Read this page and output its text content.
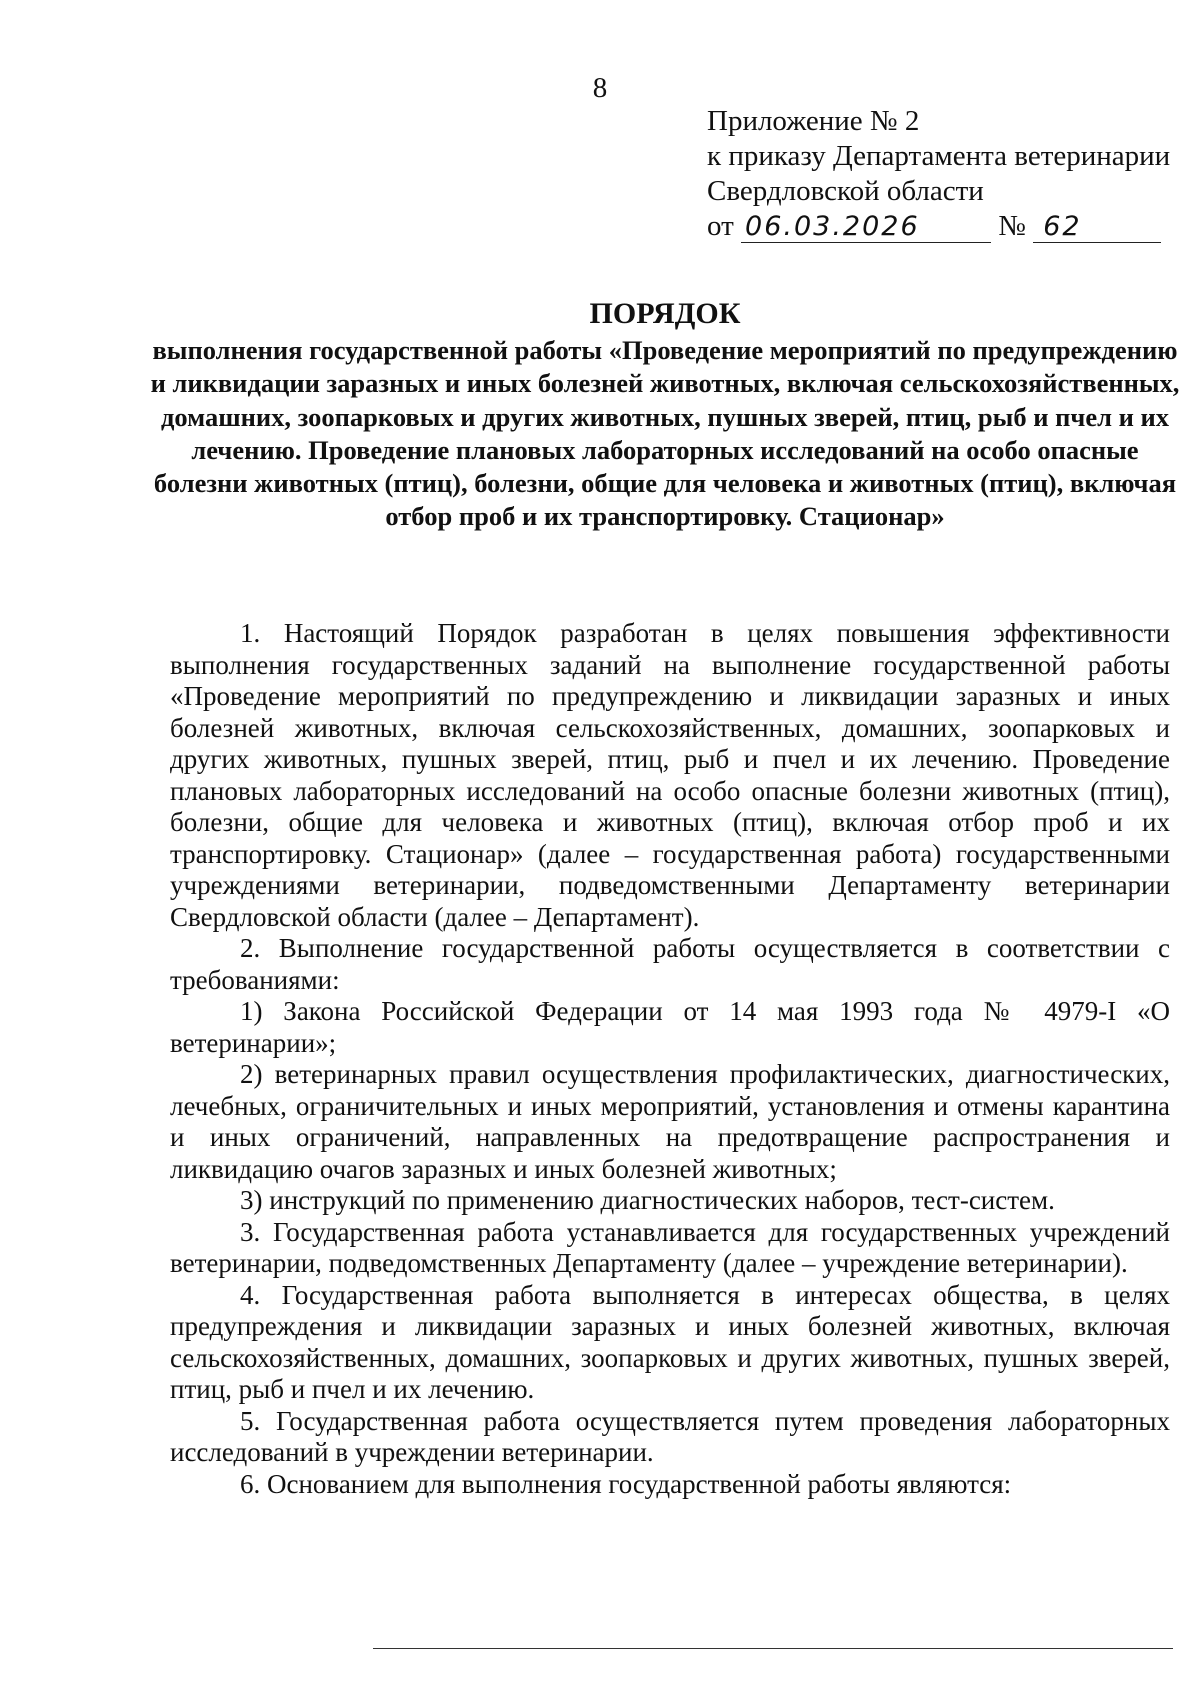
8
Приложение № 2
к приказу Департамента ветеринарии
Свердловской области
от 06.03.2026	№ 62
ПОРЯДОК
выполнения государственной работы «Проведение мероприятий по предупреждению и ликвидации заразных и иных болезней животных, включая сельскохозяйственных, домашних, зоопарковых и других животных, пушных зверей, птиц, рыб и пчел и их лечению. Проведение плановых лабораторных исследований на особо опасные болезни животных (птиц), болезни, общие для человека и животных (птиц), включая отбор проб и их транспортировку. Стационар»

1. Настоящий Порядок разработан в целях повышения эффективности выполнения государственных заданий на выполнение государственной работы «Проведение мероприятий по предупреждению и ликвидации заразных и иных болезней животных, включая сельскохозяйственных, домашних, зоопарковых и других животных, пушных зверей, птиц, рыб и пчел и их лечению. Проведение плановых лабораторных исследований на особо опасные болезни животных (птиц), болезни, общие для человека и животных (птиц), включая отбор проб и их транспортировку. Стационар» (далее – государственная работа) государственными учреждениями ветеринарии, подведомственными Департаменту ветеринарии Свердловской области (далее – Департамент).

2. Выполнение государственной работы осуществляется в соответствии с требованиями:

1) Закона Российской Федерации от 14 мая 1993 года № 4979-I «О ветеринарии»;

2) ветеринарных правил осуществления профилактических, диагностических, лечебных, ограничительных и иных мероприятий, установления и отмены карантина и иных ограничений, направленных на предотвращение распространения и ликвидацию очагов заразных и иных болезней животных;

3) инструкций по применению диагностических наборов, тест-систем.

3. Государственная работа устанавливается для государственных учреждений ветеринарии, подведомственных Департаменту (далее – учреждение ветеринарии).

4. Государственная работа выполняется в интересах общества, в целях предупреждения и ликвидации заразных и иных болезней животных, включая сельскохозяйственных, домашних, зоопарковых и других животных, пушных зверей, птиц, рыб и пчел и их лечению.

5. Государственная работа осуществляется путем проведения лабораторных исследований в учреждении ветеринарии.

6. Основанием для выполнения государственной работы являются:
